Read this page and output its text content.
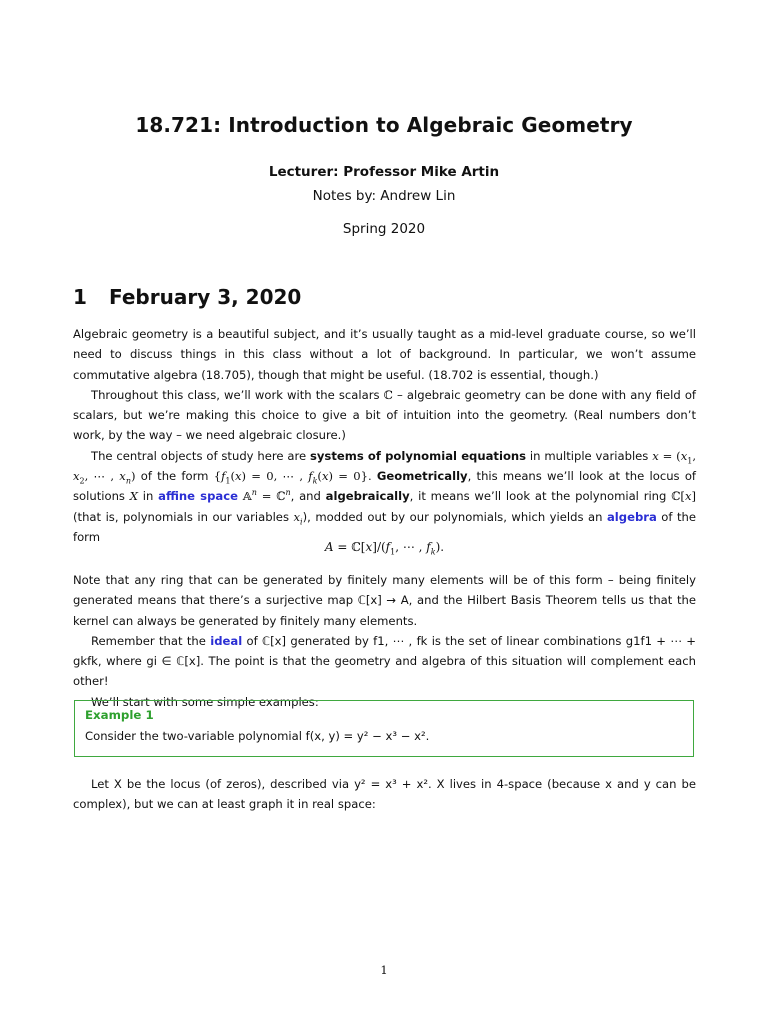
18.721: Introduction to Algebraic Geometry
Lecturer: Professor Mike Artin
Notes by: Andrew Lin
Spring 2020
1 February 3, 2020

Algebraic geometry is a beautiful subject, and it’s usually taught as a mid-level graduate course, so we’ll need to discuss things in this class without a lot of background. In particular, we won’t assume commutative algebra (18.705), though that might be useful. (18.702 is essential, though.)

Throughout this class, we’ll work with the scalars ℂ – algebraic geometry can be done with any field of scalars, but we’re making this choice to give a bit of intuition into the geometry. (Real numbers don’t work, by the way – we need algebraic closure.)

The central objects of study here are systems of polynomial equations in multiple variables $x = (x_1$, $x_2$, ⋯ , $x_n$) of the form {$f_1(x) = 0$, ⋯ , $f_k(x) = 0$}. Geometrically, this means we’ll look at the locus of solutions X in affine space 𝔸$^n$ = ℂ$^n$, and algebraically, it means we’ll look at the polynomial ring ℂ[x] (that is, polynomials in our variables $x_i$), modded out by our polynomials, which yields an algebra of the form

$A = ℂ[x]/(f_1$, ⋯ , $f_k$).

Note that any ring that can be generated by finitely many elements will be of this form – being finitely generated means that there’s a surjective map ℂ[x] → A, and the Hilbert Basis Theorem tells us that the kernel can always be generated by finitely many elements.

Remember that the ideal of ℂ[x] generated by f1, ⋯ , fk is the set of linear combinations g1f1 + ⋯ + gkfk, where gi ∈ ℂ[x]. The point is that the geometry and algebra of this situation will complement each other!

We’ll start with some simple examples:

Example 1
Consider the two-variable polynomial f(x, y) = y² − x³ − x².

Let X be the locus (of zeros), described via y² = x³ + x². X lives in 4-space (because x and y can be complex), but we can at least graph it in real space:

1
